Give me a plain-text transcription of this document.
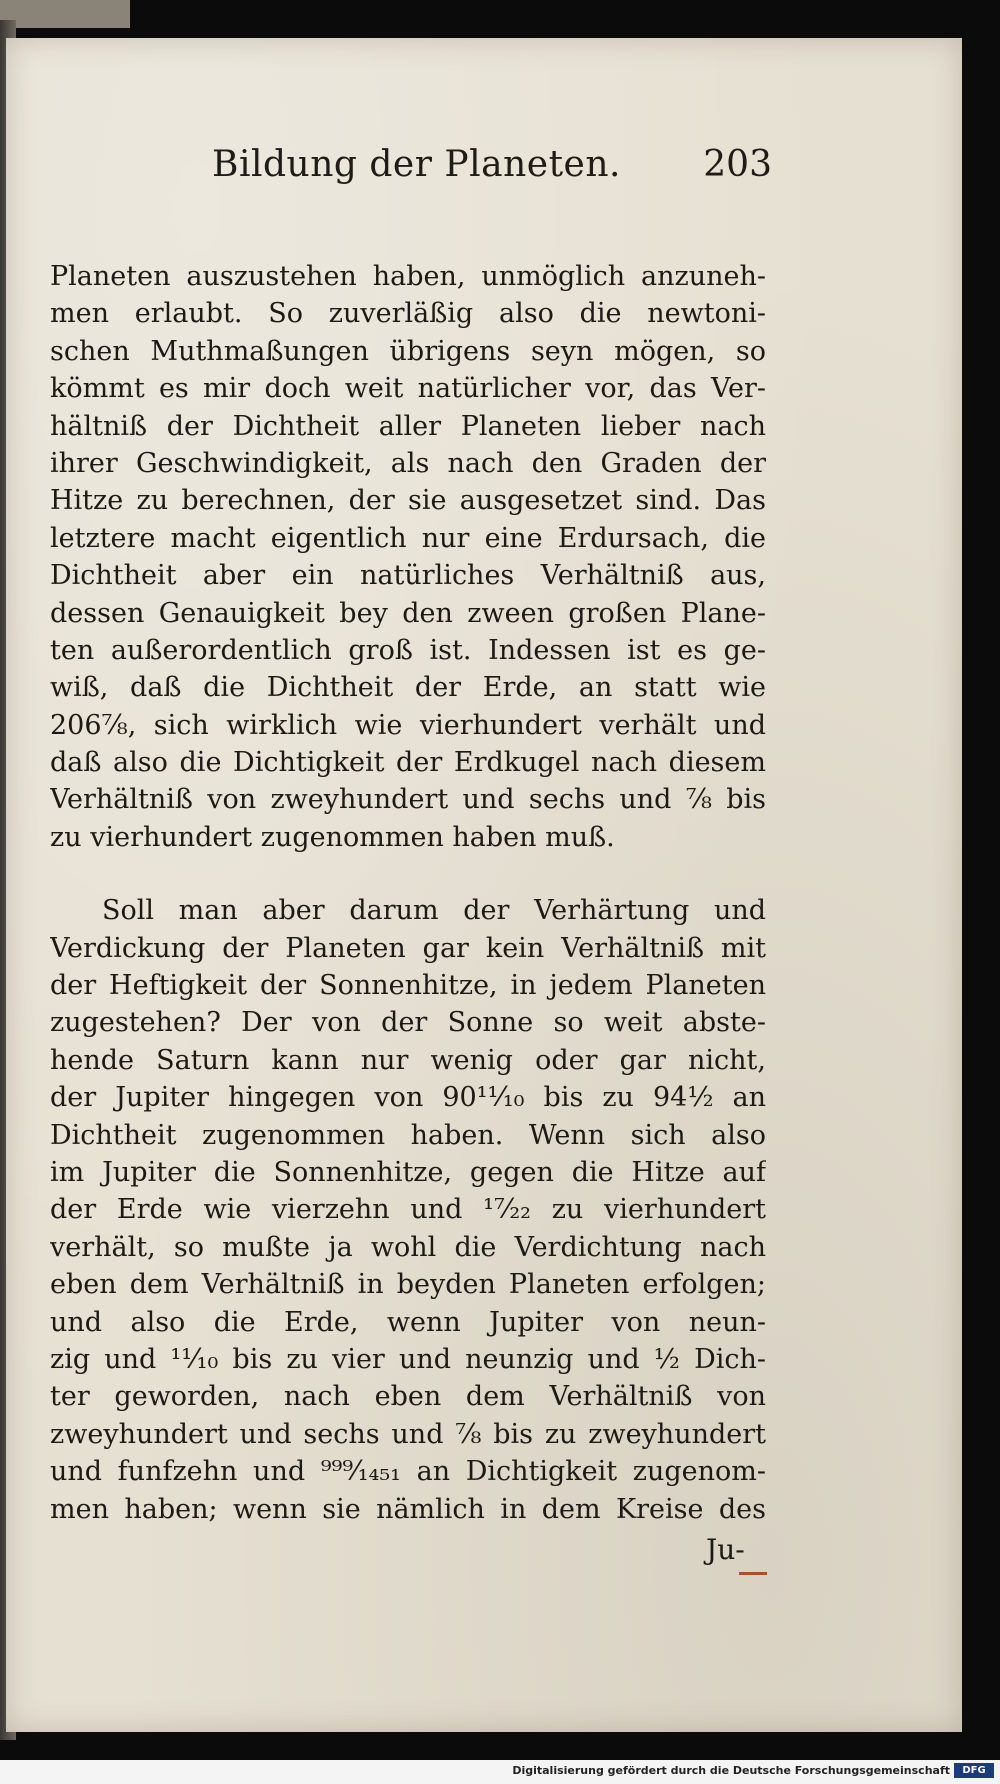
Bildung der Planeten. 203
Planeten auszustehen haben, unmöglich anzuneh-
men erlaubt. So zuverläßig also die newtoni-
schen Muthmaßungen übrigens seyn mögen, so
kömmt es mir doch weit natürlicher vor, das Ver-
hältniß der Dichtheit aller Planeten lieber nach
ihrer Geschwindigkeit, als nach den Graden der
Hitze zu berechnen, der sie ausgesetzet sind. Das
letztere macht eigentlich nur eine Erdursach, die
Dichtheit aber ein natürliches Verhältniß aus,
dessen Genauigkeit bey den zween großen Plane-
ten außerordentlich groß ist. Indessen ist es ge-
wiß, daß die Dichtheit der Erde, an statt wie
206⅞, sich wirklich wie vierhundert verhält und
daß also die Dichtigkeit der Erdkugel nach diesem
Verhältniß von zweyhundert und sechs und ⅞ bis
zu vierhundert zugenommen haben muß.
Soll man aber darum der Verhärtung und
Verdickung der Planeten gar kein Verhältniß mit
der Heftigkeit der Sonnenhitze, in jedem Planeten
zugestehen? Der von der Sonne so weit abste-
hende Saturn kann nur wenig oder gar nicht,
der Jupiter hingegen von 90¹¹⁄₁₀ bis zu 94½ an
Dichtheit zugenommen haben. Wenn sich also
im Jupiter die Sonnenhitze, gegen die Hitze auf
der Erde wie vierzehn und ¹⁷⁄₂₂ zu vierhundert
verhält, so mußte ja wohl die Verdichtung nach
eben dem Verhältniß in beyden Planeten erfolgen;
und also die Erde, wenn Jupiter von neun-
zig und ¹¹⁄₁₀ bis zu vier und neunzig und ½ Dich-
ter geworden, nach eben dem Verhältniß von
zweyhundert und sechs und ⅞ bis zu zweyhundert
und funfzehn und ⁹⁹⁹⁄₁₄₅₁ an Dichtigkeit zugenom-
men haben; wenn sie nämlich in dem Kreise des
Ju-
Digitalisierung gefördert durch die Deutsche Forschungsgemeinschaft	DFG
